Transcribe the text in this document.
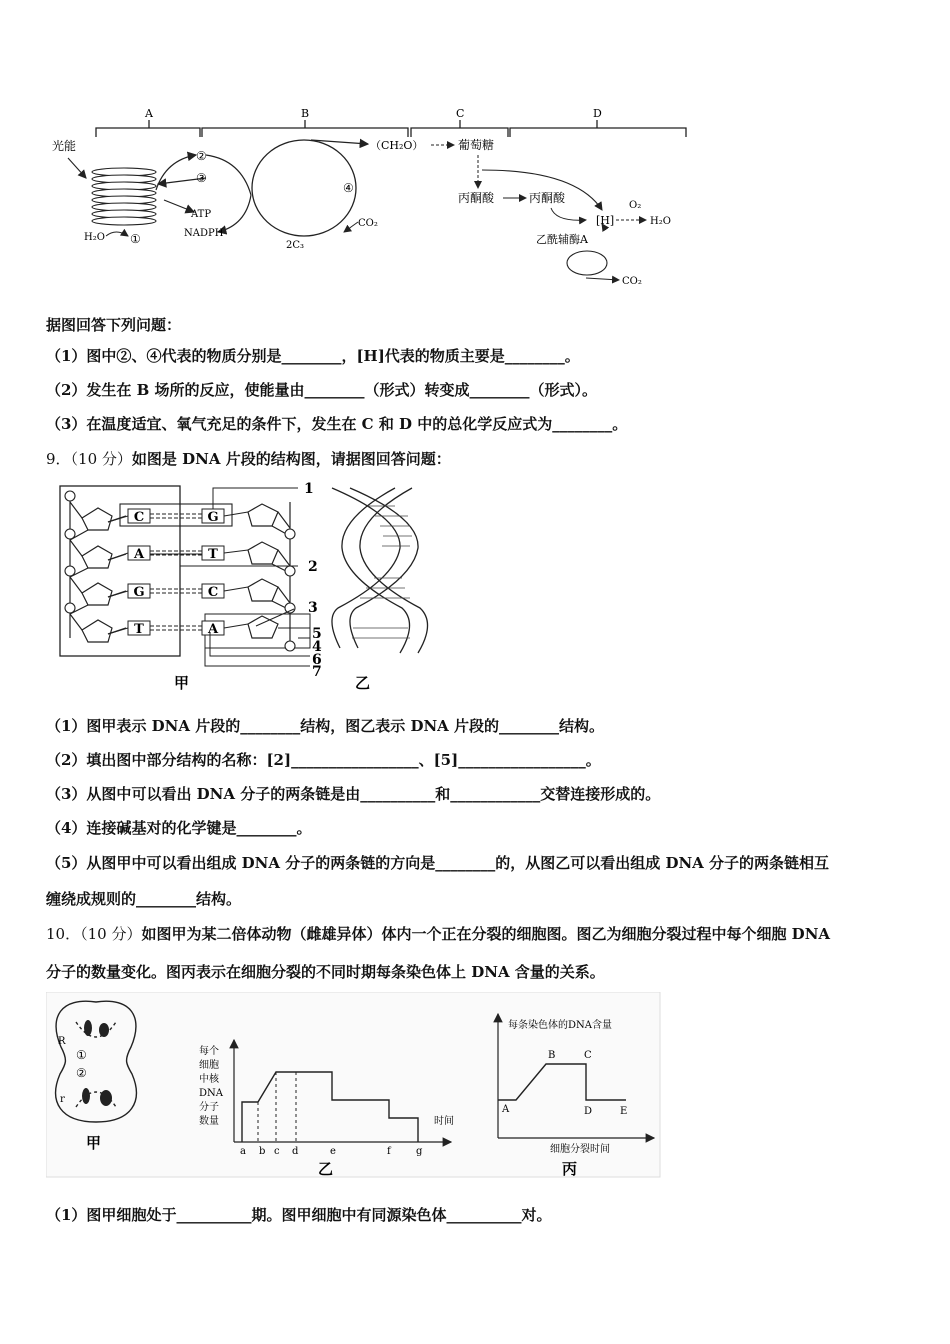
A	B	C	D
光能
H₂O ①
②
③
ATP
NADPH
④
2C₃
CO₂
（CH₂O）	葡萄糖
丙酮酸	丙酮酸
[H]
O₂
H₂O
乙酰辅酶A
CO₂
据图回答下列问题：
（1）图中②、④代表的物质分别是________，[H]代表的物质主要是________。
（2）发生在 B 场所的反应，使能量由________（形式）转变成________（形式）。
（3）在温度适宜、氧气充足的条件下，发生在 C 和 D 中的总化学反应式为________。
9．（10 分）如图是 DNA 片段的结构图，请据图回答问题：
C	G
A	T
G	C
T	A
1
2
3
5
4
6
7
甲	乙
（1）图甲表示 DNA 片段的________结构，图乙表示 DNA 片段的________结构。
（2）填出图中部分结构的名称：[2]_________________、[5]_________________。
（3）从图中可以看出 DNA 分子的两条链是由__________和____________交替连接形成的。
（4）连接碱基对的化学键是________。
（5）从图甲中可以看出组成 DNA 分子的两条链的方向是________的，从图乙可以看出组成 DNA 分子的两条链相互
缠绕成规则的________结构。
10．（10 分）如图甲为某二倍体动物（雌雄异体）体内一个正在分裂的细胞图。图乙为细胞分裂过程中每个细胞 DNA
分子的数量变化。图丙表示在细胞分裂的不同时期每条染色体上 DNA 含量的关系。
R
r
①
②
甲
每个
细胞
中核
DNA
分子
数量
a b c d	e	f	g
时间
乙
每条染色体的DNA含量
A
B	C
D	E
细胞分裂时间
丙
（1）图甲细胞处于__________期。图甲细胞中有同源染色体__________对。
